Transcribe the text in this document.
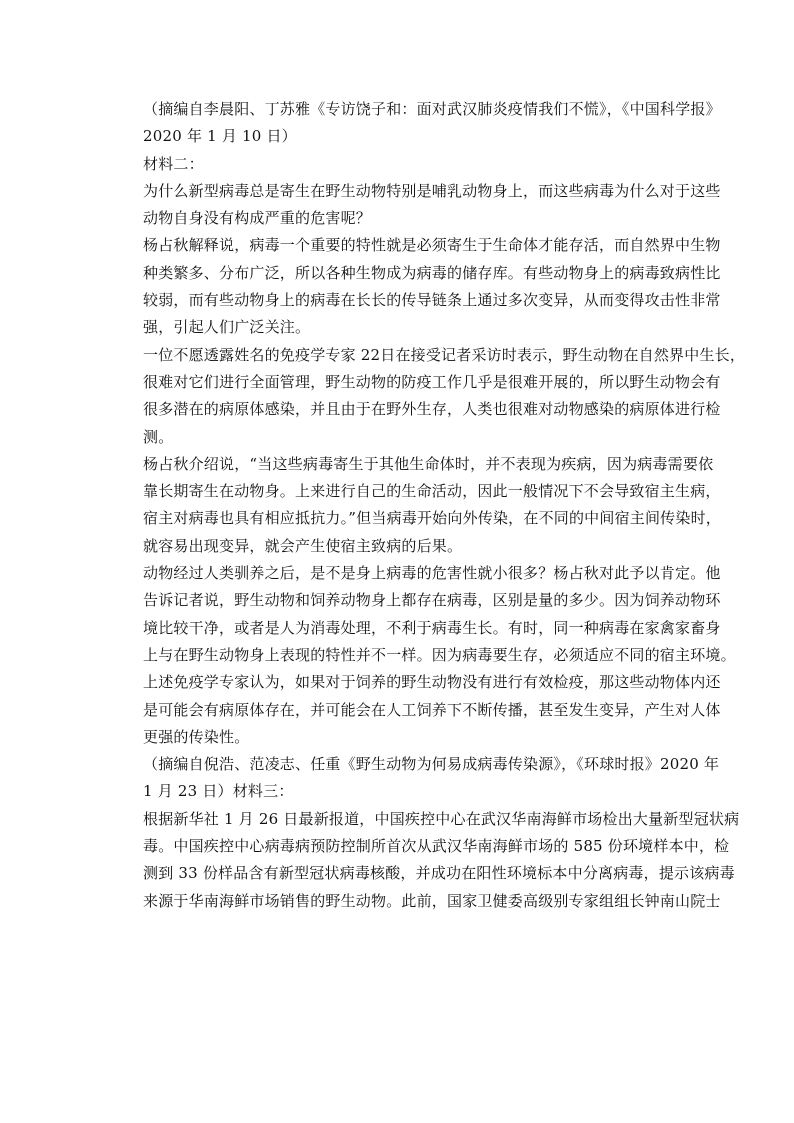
（摘编自李晨阳、丁苏雅《专访饶子和：面对武汉肺炎疫情我们不慌》，《中国科学报》
2020 年 1 月 10 日）
材料二：
为什么新型病毒总是寄生在野生动物特别是哺乳动物身上，而这些病毒为什么对于这些
动物自身没有构成严重的危害呢？
杨占秋解释说，病毒一个重要的特性就是必须寄生于生命体才能存活，而自然界中生物
种类繁多、分布广泛，所以各种生物成为病毒的储存库。有些动物身上的病毒致病性比
较弱，而有些动物身上的病毒在长长的传导链条上通过多次变异，从而变得攻击性非常
强，引起人们广泛关注。
一位不愿透露姓名的免疫学专家 22日在接受记者采访时表示，野生动物在自然界中生长，
很难对它们进行全面管理，野生动物的防疫工作几乎是很难开展的，所以野生动物会有
很多潜在的病原体感染，并且由于在野外生存，人类也很难对动物感染的病原体进行检
测。
杨占秋介绍说，“当这些病毒寄生于其他生命体时，并不表现为疾病，因为病毒需要依
靠长期寄生在动物身。上来进行自己的生命活动，因此一般情况下不会导致宿主生病，
宿主对病毒也具有相应抵抗力。”但当病毒开始向外传染，在不同的中间宿主间传染时，
就容易出现变异，就会产生使宿主致病的后果。
动物经过人类驯养之后，是不是身上病毒的危害性就小很多？杨占秋对此予以肯定。他
告诉记者说，野生动物和饲养动物身上都存在病毒，区别是量的多少。因为饲养动物环
境比较干净，或者是人为消毒处理，不利于病毒生长。有时，同一种病毒在家禽家畜身
上与在野生动物身上表现的特性并不一样。因为病毒要生存，必须适应不同的宿主环境。
上述免疫学专家认为，如果对于饲养的野生动物没有进行有效检疫，那这些动物体内还
是可能会有病原体存在，并可能会在人工饲养下不断传播，甚至发生变异，产生对人体
更强的传染性。
（摘编自倪浩、范凌志、任重《野生动物为何易成病毒传染源》，《环球时报》2020 年
1 月 23 日）材料三：
根据新华社 1 月 26 日最新报道，中国疾控中心在武汉华南海鲜市场检出大量新型冠状病
毒。中国疾控中心病毒病预防控制所首次从武汉华南海鲜市场的 585 份环境样本中，检
测到 33 份样品含有新型冠状病毒核酸，并成功在阳性环境标本中分离病毒，提示该病毒
来源于华南海鲜市场销售的野生动物。此前，国家卫健委高级别专家组组长钟南山院士
